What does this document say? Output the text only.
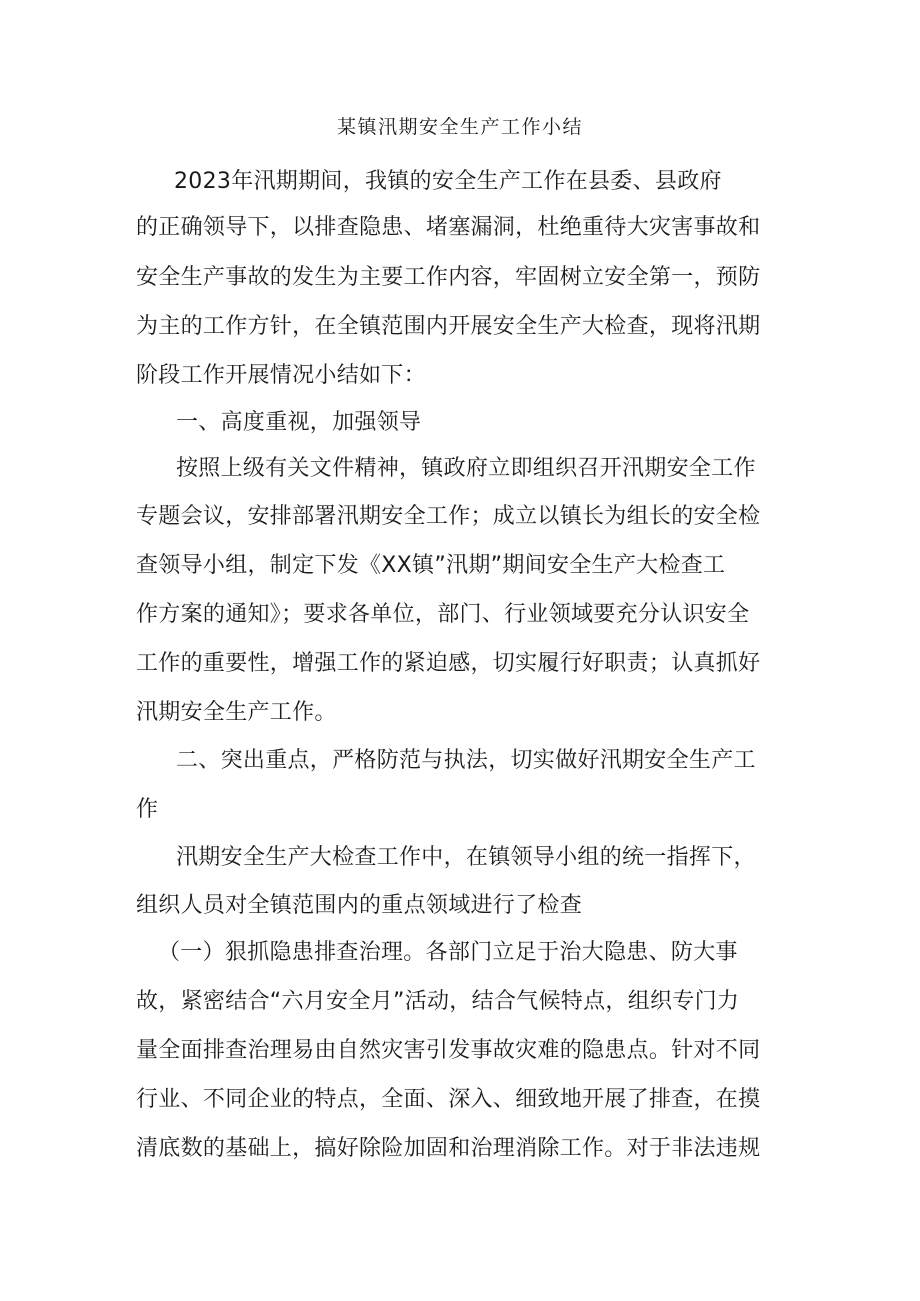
某镇汛期安全生产工作小结
2023年汛期期间，我镇的安全生产工作在县委、县政府
的正确领导下，以排查隐患、堵塞漏洞，杜绝重待大灾害事故和
安全生产事故的发生为主要工作内容，牢固树立安全第一，预防
为主的工作方针，在全镇范围内开展安全生产大检查，现将汛期
阶段工作开展情况小结如下：
一、高度重视，加强领导
按照上级有关文件精神，镇政府立即组织召开汛期安全工作
专题会议，安排部署汛期安全工作；成立以镇长为组长的安全检
查领导小组，制定下发《XX镇”汛期”期间安全生产大检查工
作方案的通知》；要求各单位，部门、行业领域要充分认识安全
工作的重要性，增强工作的紧迫感，切实履行好职责；认真抓好
汛期安全生产工作。
二、突出重点，严格防范与执法，切实做好汛期安全生产工
作
汛期安全生产大检查工作中，在镇领导小组的统一指挥下，
组织人员对全镇范围内的重点领域进行了检查
（一）狠抓隐患排查治理。各部门立足于治大隐患、防大事
故，紧密结合“六月安全月”活动，结合气候特点，组织专门力
量全面排查治理易由自然灾害引发事故灾难的隐患点。针对不同
行业、不同企业的特点，全面、深入、细致地开展了排查，在摸
清底数的基础上，搞好除险加固和治理消除工作。对于非法违规
